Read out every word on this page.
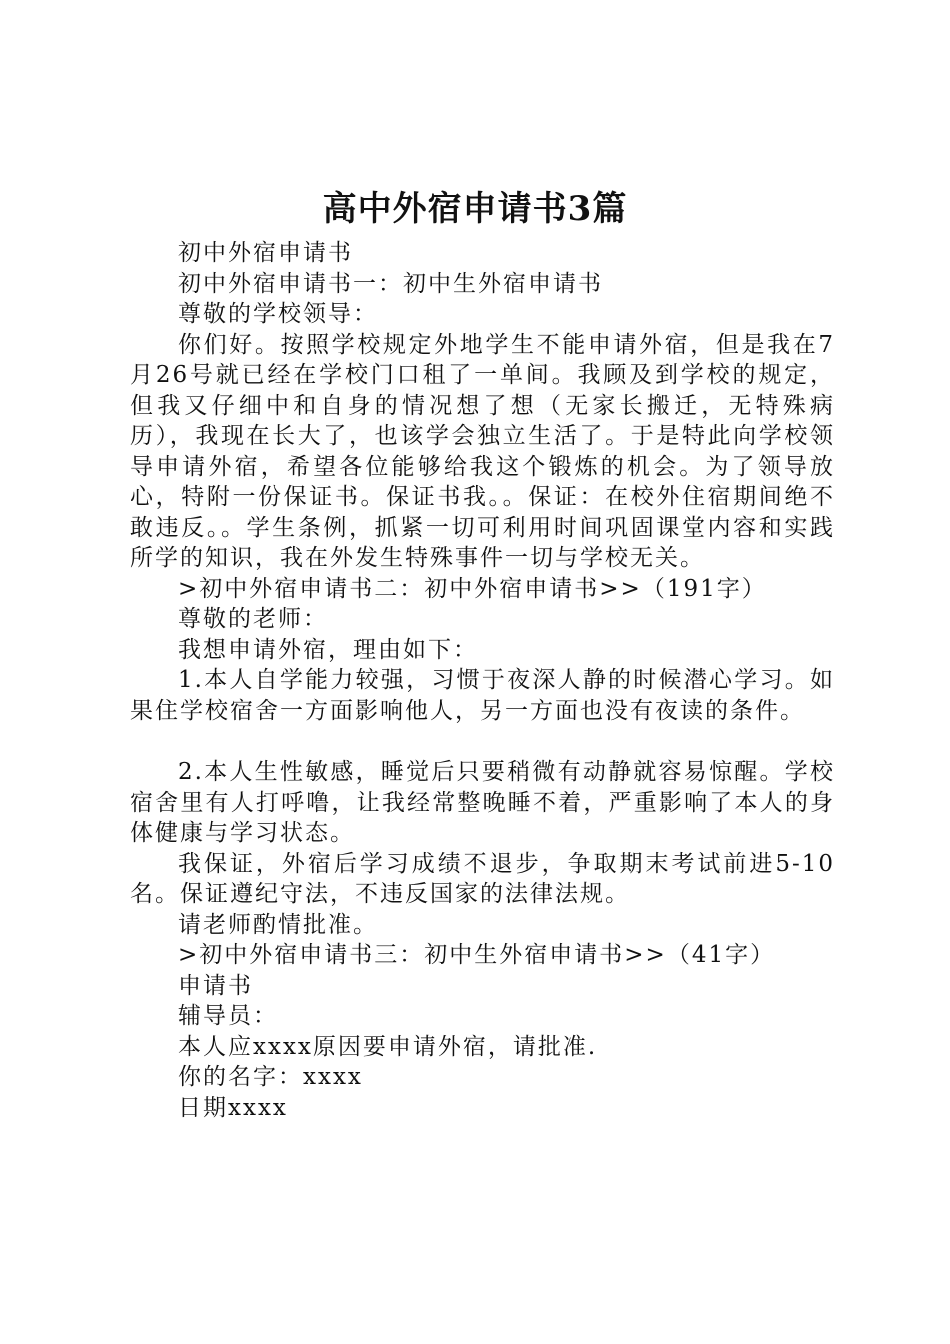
高中外宿申请书3篇

初中外宿申请书

初中外宿申请书一：初中生外宿申请书

尊敬的学校领导：

你们好。按照学校规定外地学生不能申请外宿，但是我在7月26号就已经在学校门口租了一单间。我顾及到学校的规定，但我又仔细中和自身的情况想了想（无家长搬迁，无特殊病历），我现在长大了，也该学会独立生活了。于是特此向学校领导申请外宿，希望各位能够给我这个锻炼的机会。为了领导放心，特附一份保证书。保证书我。。保证：在校外住宿期间绝不敢违反。。学生条例，抓紧一切可利用时间巩固课堂内容和实践所学的知识，我在外发生特殊事件一切与学校无关。

>初中外宿申请书二：初中外宿申请书>>（191字）

尊敬的老师：

我想申请外宿，理由如下：

1.本人自学能力较强，习惯于夜深人静的时候潜心学习。如果住学校宿舍一方面影响他人，另一方面也没有夜读的条件。

2.本人生性敏感，睡觉后只要稍微有动静就容易惊醒。学校宿舍里有人打呼噜，让我经常整晚睡不着，严重影响了本人的身体健康与学习状态。

我保证，外宿后学习成绩不退步，争取期末考试前进5-10名。保证遵纪守法，不违反国家的法律法规。

请老师酌情批准。

>初中外宿申请书三：初中生外宿申请书>>（41字）

申请书

辅导员：

本人应xxxx原因要申请外宿，请批准.

你的名字：xxxx

日期xxxx
